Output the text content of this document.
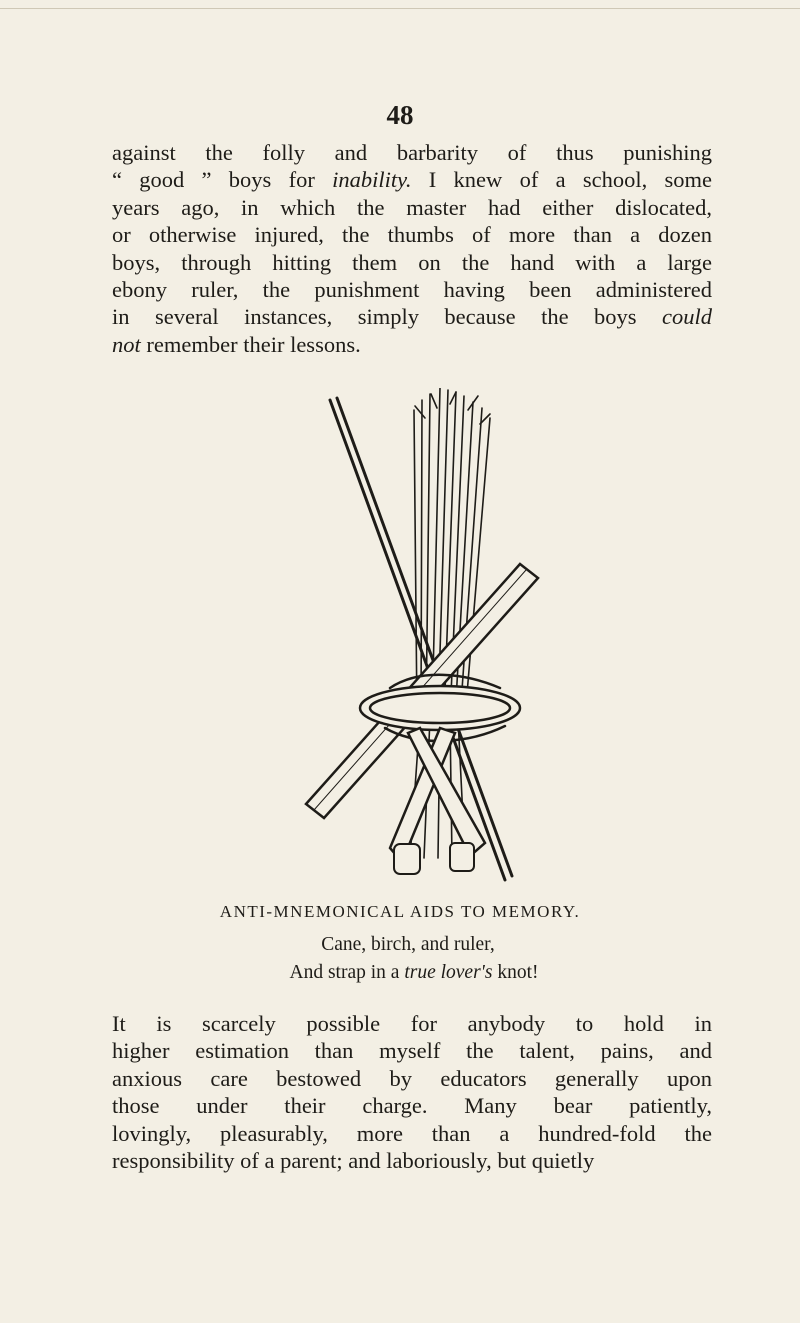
48

against the folly and barbarity of thus punishing

“ good ” boys for inability. I knew of a school, some

years ago, in which the master had either dislocated,

or otherwise injured, the thumbs of more than a dozen

boys, through hitting them on the hand with a large

ebony ruler, the punishment having been administered

in several instances, simply because the boys could

not remember their lessons.

ANTI-MNEMONICAL AIDS TO MEMORY.
Cane, birch, and ruler,
And strap in a true lover's knot!

It is scarcely possible for anybody to hold in

higher estimation than myself the talent, pains, and

anxious care bestowed by educators generally upon

those under their charge. Many bear patiently,

lovingly, pleasurably, more than a hundred-fold the

responsibility of a parent; and laboriously, but quietly
